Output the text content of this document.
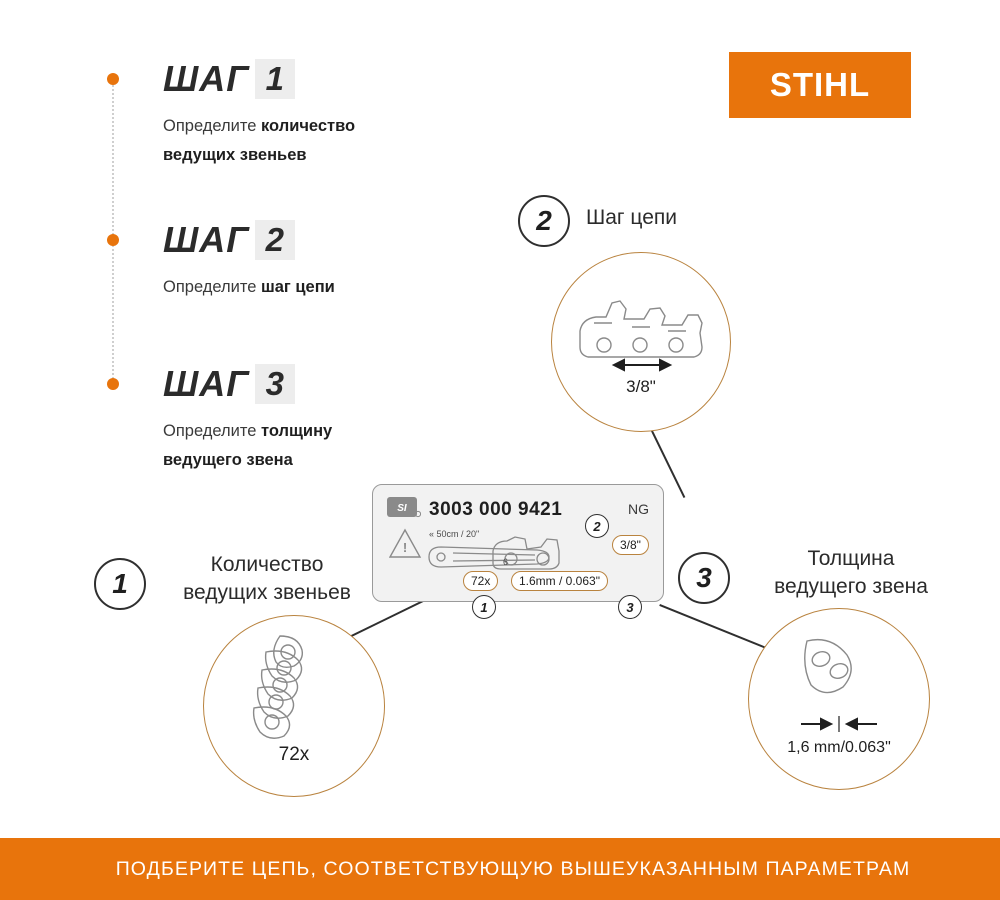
STIHL
ШАГ 1
Определите количество
ведущих звеньев
ШАГ 2
Определите шаг цепи
ШАГ 3
Определите толщину
ведущего звена
2	Шаг цепи
3/8"
1
Количество
ведущих звеньев
72x
3
Толщина
ведущего звена
1,6 mm/0.063"
SI 3003 000 9421	NG
!
« 50cm / 20"
72x	1.6mm / 0.063"
3/8"
6
2
1	3
ПОДБЕРИТЕ ЦЕПЬ, СООТВЕТСТВУЮЩУЮ ВЫШЕУКАЗАННЫМ ПАРАМЕТРАМ
